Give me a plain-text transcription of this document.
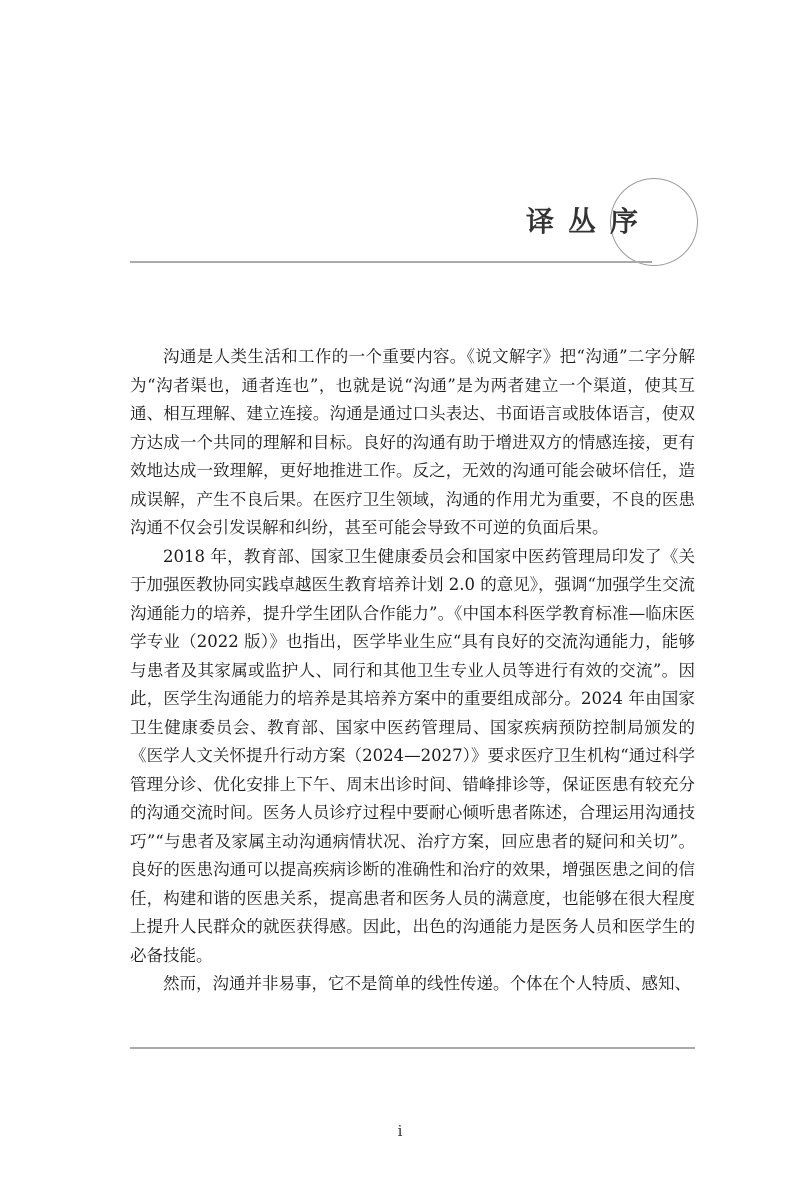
译丛序

沟通是人类生活和工作的一个重要内容。《说文解字》把“沟通”二字分解为“沟者渠也，通者连也”，也就是说“沟通”是为两者建立一个渠道，使其互通、相互理解、建立连接。沟通是通过口头表达、书面语言或肢体语言，使双方达成一个共同的理解和目标。良好的沟通有助于增进双方的情感连接，更有效地达成一致理解，更好地推进工作。反之，无效的沟通可能会破坏信任，造成误解，产生不良后果。在医疗卫生领域，沟通的作用尤为重要，不良的医患沟通不仅会引发误解和纠纷，甚至可能会导致不可逆的负面后果。

2018 年，教育部、国家卫生健康委员会和国家中医药管理局印发了《关于加强医教协同实践卓越医生教育培养计划 2.0 的意见》，强调“加强学生交流沟通能力的培养，提升学生团队合作能力”。《中国本科医学教育标准—临床医学专业（2022 版）》也指出，医学毕业生应“具有良好的交流沟通能力，能够与患者及其家属或监护人、同行和其他卫生专业人员等进行有效的交流”。因此，医学生沟通能力的培养是其培养方案中的重要组成部分。2024 年由国家卫生健康委员会、教育部、国家中医药管理局、国家疾病预防控制局颁发的《医学人文关怀提升行动方案（2024—2027）》要求医疗卫生机构“通过科学管理分诊、优化安排上下午、周末出诊时间、错峰排诊等，保证医患有较充分的沟通交流时间。医务人员诊疗过程中要耐心倾听患者陈述，合理运用沟通技巧”“与患者及家属主动沟通病情状况、治疗方案，回应患者的疑问和关切”。良好的医患沟通可以提高疾病诊断的准确性和治疗的效果，增强医患之间的信任，构建和谐的医患关系，提高患者和医务人员的满意度，也能够在很大程度上提升人民群众的就医获得感。因此，出色的沟通能力是医务人员和医学生的必备技能。

然而，沟通并非易事，它不是简单的线性传递。个体在个人特质、感知、

i
